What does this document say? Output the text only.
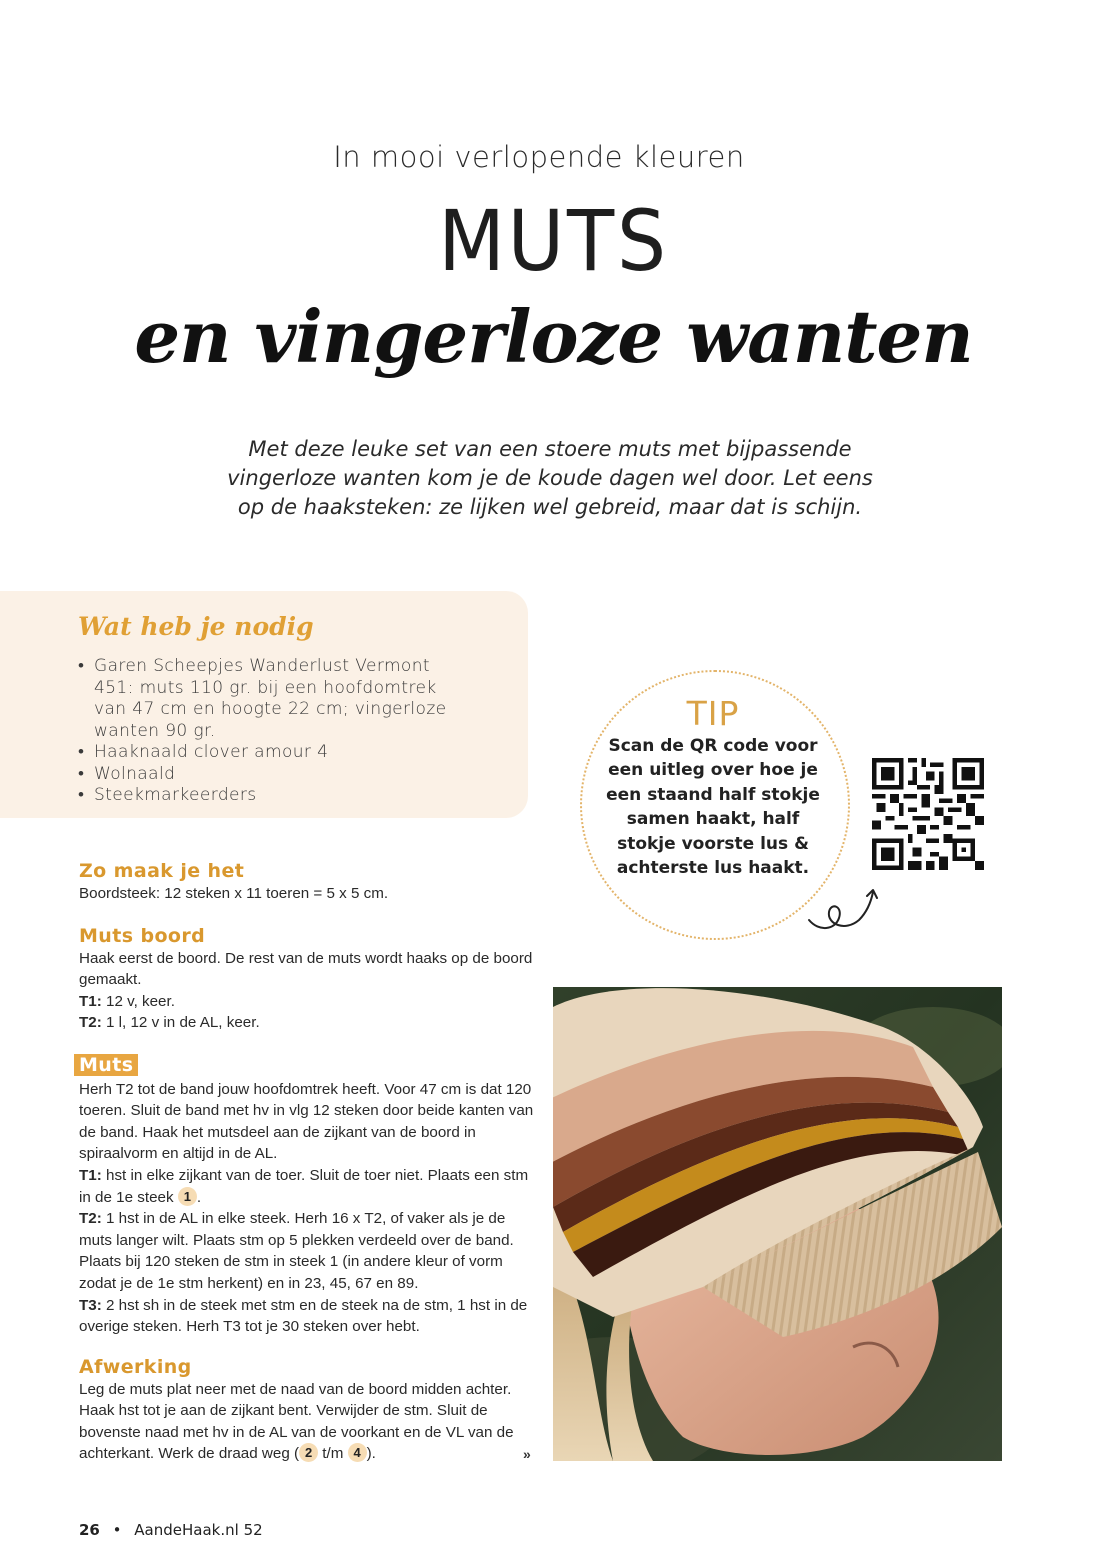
In mooi verlopende kleuren
MUTS
en vingerloze wanten
Met deze leuke set van een stoere muts met bijpassende vingerloze wanten kom je de koude dagen wel door. Let eens op de haaksteken: ze lijken wel gebreid, maar dat is schijn.
Wat heb je nodig
• Garen Scheepjes Wanderlust Vermont 451: muts 110 gr. bij een hoofdomtrek van 47 cm en hoogte 22 cm; vingerloze wanten 90 gr.
• Haaknaald clover amour 4
• Wolnaald
• Steekmarkeerders
TIP
Scan de QR code voor een uitleg over hoe je een staand half stokje samen haakt, half stokje voorste lus & achterste lus haakt.

Zo maak je het

Boordsteek: 12 steken x 11 toeren = 5 x 5 cm.

Muts boord

Haak eerst de boord. De rest van de muts wordt haaks op de boord gemaakt.

T1: 12 v, keer.

T2: 1 l, 12 v in de AL, keer.

Muts

Herh T2 tot de band jouw hoofdomtrek heeft. Voor 47 cm is dat 120 toeren. Sluit de band met hv in vlg 12 steken door beide kanten van de band. Haak het mutsdeel aan de zijkant van de boord in spiraalvorm en altijd in de AL.

T1: hst in elke zijkant van de toer. Sluit de toer niet. Plaats een stm in de 1e steek 1 .

T2: 1 hst in de AL in elke steek. Herh 16 x T2, of vaker als je de muts langer wilt. Plaats stm op 5 plekken verdeeld over de band. Plaats bij 120 steken de stm in steek 1 (in andere kleur of vorm zodat je de 1e stm herkent) en in 23, 45, 67 en 89.

T3: 2 hst sh in de steek met stm en de steek na de stm, 1 hst in de overige steken. Herh T3 tot je 30 steken over hebt.

Afwerking

Leg de muts plat neer met de naad van de boord midden achter. Haak hst tot je aan de zijkant bent. Verwijder de stm. Sluit de bovenste naad met hv in de AL van de voorkant en de VL van de achterkant. Werk de draad weg ( 2 t/m 4 ).	»
26 • AandeHaak.nl 52
